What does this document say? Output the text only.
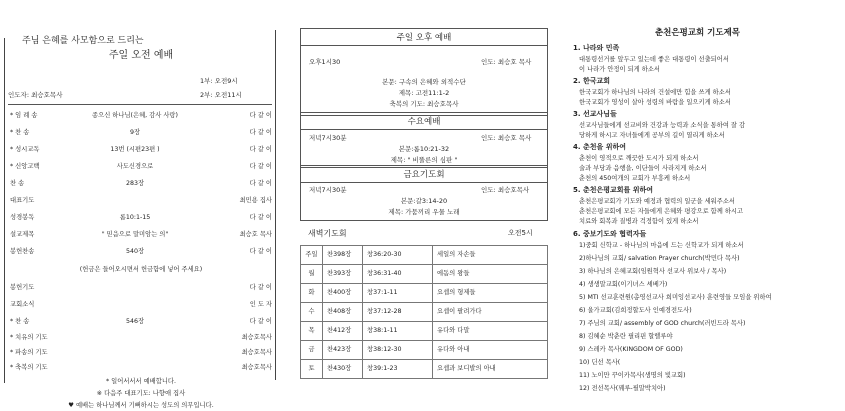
주님 은혜를 사모함으로 드리는
주일 오전 예배
1부: 오전9시
인도자: 최승호목사	2부: 오전11시
* 임 례 송	종으신 하나님(은혜, 감사 사랑)	다 같 이
* 찬 송	9장	다 같 이
* 성시교독	13번 (시편23편 )	다 같 이
* 신앙고백	사도신경으로	다 같 이
찬 송	283장	다 같 이
대표기도	최민용 집사
성경봉독	롬10:1-15	다 같 이
설교제목	" 믿음으로 말미암는 의"	최승호 목사
봉헌찬송	540장	다 같 이
(헌금은 들어오시면서 헌금함에 넣어 주세요)
봉헌기도	다 같 이
교회소식	인 도 자
* 찬 송	546장	다 같 이
* 치유의 기도	최승호목사
* 파송의 기도	최승호목사
* 축복의 기도	최승호목사
* 일어서서서 예배합니다.
※ 다음주 대표기도: 나향애 집사
♥ 예배는 하나님께서 기뻐하시는 성도의 의무입니다.
주일 오후 예배
오후1시30	인도: 최승호 목사
본문: 구속의 은혜와 외적수단
제목: 고전11:1-2
축복의 기도: 최승호목사
수요예배
저녁7시30분	인도: 최승호 목사
본문:롬10:21-32
제목: " 비뚤른의 심판 "
금요기도회
저녁7시30분	인도: 최승호목사
본문:갈3:14-20
제목: 가뭄끼리 우물 노래
새벽기도회	오전5시
주일	찬398장	창36:20-30	세일의 자손들
월	찬393장	창36:31-40	에돔의 왕들
화	찬400장	창37:1-11	요셉의 형제들
수	찬408장	창37:12-28	요셉이 팔려가다
목	찬412장	창38:1-11	유다와 다말
금	찬423장	창38:12-30	유다와 아내
토	찬430장	창39:1-23	요셉과 보디발의 아내
춘천은평교회 기도제목
1. 나라와 민족
대통령선거를 앞두고 있는데 좋은 대통령이 선출되어서
이 나라가 안정이 되게 하소서
2. 한국교회
한국교회가 하나님의 나라의 건설에만 힘을 쓰게 하소서
한국교회가 영성이 살아 성령의 바람을 일으키게 하소서
3. 선교사님들
선교사님들에게 선교비와 건강과 능력과 소식을 통하여 잘 감
당하게 하시고 자녀들에게 공부의 길이 열리게 하소서
4. 춘천을 위하여
춘천이 영적으로 깨끗한 도시가 되게 하소서
술과 부당과 음행을, 이단들이 사라지게 하소서
춘천의 450여개의 교회가 부흥케 하소서
5. 춘천은평교회를 위하여
춘천은평교회가 기도와 예정과 협력의 일군을 세워주소서
춘천은평교회에 모든 자들에게 은혜와 평강으로 함께 하시고
치료와 회복과 질병과 걱정함이 있게 하소서
6. 중보기도와 협력자들
1)중회 신학교 - 하나님의 마음에 드는 신학교가 되게 하소서
2)하나님의 교회/ salvation Prayer church(박민다 목사)
3) 하나님의 은혜교회(임원혁사 선교사 위보사 / 목사)
4) 생생말교회(이기녀스 셰베가)
5) MTI 선교훈련원(총영선교사 희미잉선교사) 훈련영들 모임을 위하여
6) 울가교회(김희정할도사 인예경전도사)
7) 주님의 교회/ assembly of GOD church(러빈드라 목사)
8) 김혜순 박춘란 필리핀 할렐루야
9) 스레카 목사(KINGDOM OF GOD)
10) 딘선 목사(
11) 노이만 꾸이카목사(생명의 빛교회)
12) 전선목사(꿰루-필말박치아)
